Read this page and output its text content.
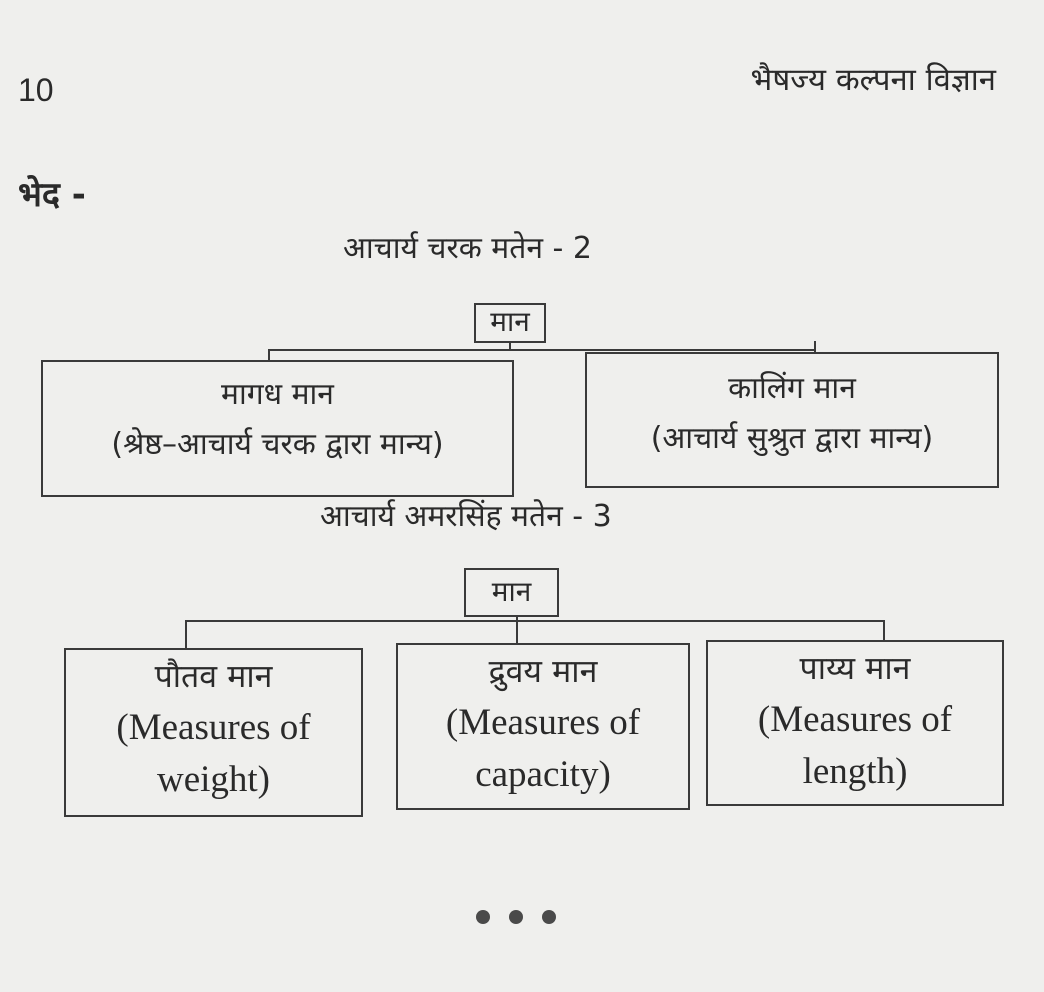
10	भैषज्य कल्पना विज्ञान
भेद -
आचार्य चरक मतेन - 2
मान
मागध मान
(श्रेष्ठ–आचार्य चरक द्वारा मान्य)
कालिंग मान
(आचार्य सुश्रुत द्वारा मान्य)
आचार्य अमरसिंह मतेन - 3
मान
पौतव मान
(Measures of
weight)
द्रुवय मान
(Measures of
capacity)
पाय्य मान
(Measures of
length)
